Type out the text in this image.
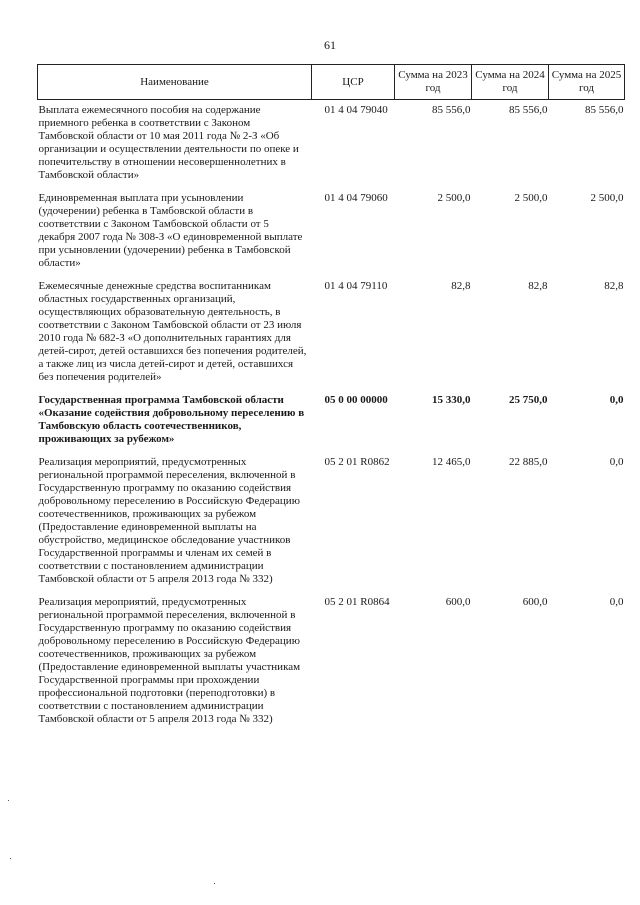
61
Наименование	ЦСР	Сумма на 2023 год	Сумма на 2024 год	Сумма на 2025 год
Выплата ежемесячного пособия на содержание приемного ребенка в соответствии с Законом Тамбовской области от 10 мая 2011 года № 2-З «Об организации и осуществлении деятельности по опеке и попечительству в отношении несовершеннолетних в Тамбовской области»	01 4 04 79040	85 556,0	85 556,0	85 556,0
Единовременная выплата при усыновлении (удочерении) ребенка в Тамбовской области в соответствии с Законом Тамбовской области от 5 декабря 2007 года № 308-З «О единовременной выплате при усыновлении (удочерении) ребенка в Тамбовской области»	01 4 04 79060	2 500,0	2 500,0	2 500,0
Ежемесячные денежные средства воспитанникам областных государственных организаций, осуществляющих образовательную деятельность, в соответствии с Законом Тамбовской области от 23 июля 2010 года № 682-З «О дополнительных гарантиях для детей-сирот, детей оставшихся без попечения родителей, а также лиц из числа детей-сирот и детей, оставшихся без попечения родителей»	01 4 04 79110	82,8	82,8	82,8
Государственная программа Тамбовской области «Оказание содействия добровольному переселению в Тамбовскую область соотечественников, проживающих за рубежом»	05 0 00 00000	15 330,0	25 750,0	0,0
Реализация мероприятий, предусмотренных региональной программой переселения, включенной в Государственную программу по оказанию содействия добровольному переселению в Российскую Федерацию соотечественников, проживающих за рубежом (Предоставление единовременной выплаты на обустройство, медицинское обследование участников Государственной программы и членам их семей в соответствии с постановлением администрации Тамбовской области от 5 апреля 2013 года № 332)	05 2 01 R0862	12 465,0	22 885,0	0,0
Реализация мероприятий, предусмотренных региональной программой переселения, включенной в Государственную программу по оказанию содействия добровольному переселению в Российскую Федерацию соотечественников, проживающих за рубежом (Предоставление единовременной выплаты участникам Государственной программы при прохождении профессиональной подготовки (переподготовки) в соответствии с постановлением администрации Тамбовской области от 5 апреля 2013 года № 332)	05 2 01 R0864	600,0	600,0	0,0
